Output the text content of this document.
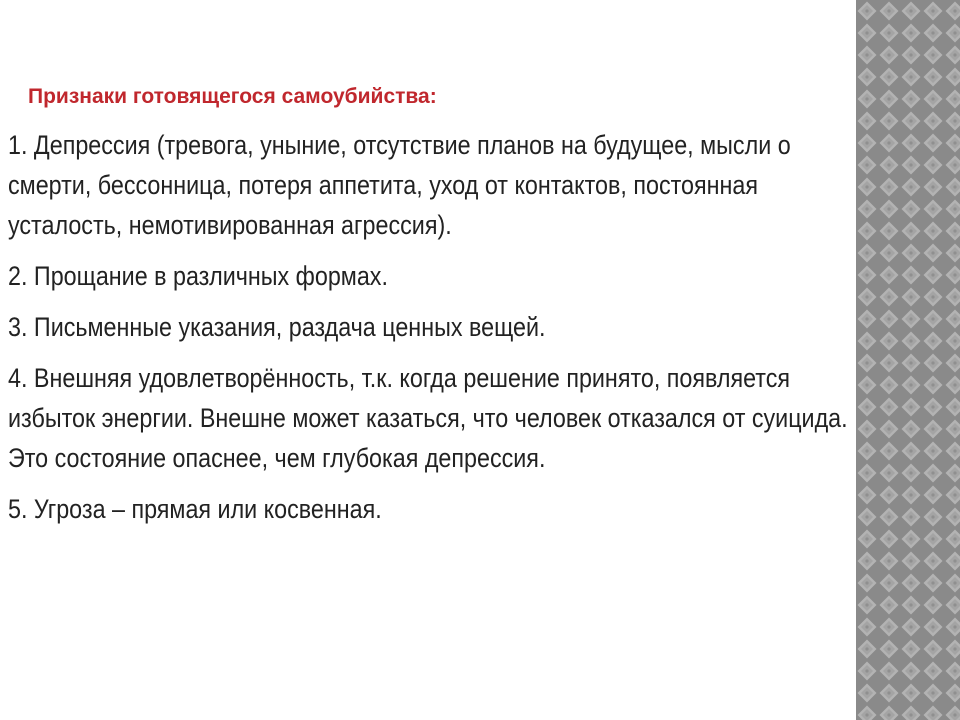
Признаки готовящегося самоубийства:
1. Депрессия (тревога, уныние, отсутствие планов на будущее, мысли о смерти, бессонница, потеря аппетита, уход от контактов, постоянная усталость, немотивированная агрессия).
2. Прощание в различных формах.
3. Письменные указания, раздача ценных вещей.
4. Внешняя удовлетворённость, т.к. когда решение принято, появляется избыток энергии. Внешне может казаться, что человек отказался от суицида. Это состояние опаснее, чем глубокая депрессия.
5. Угроза – прямая или косвенная.
